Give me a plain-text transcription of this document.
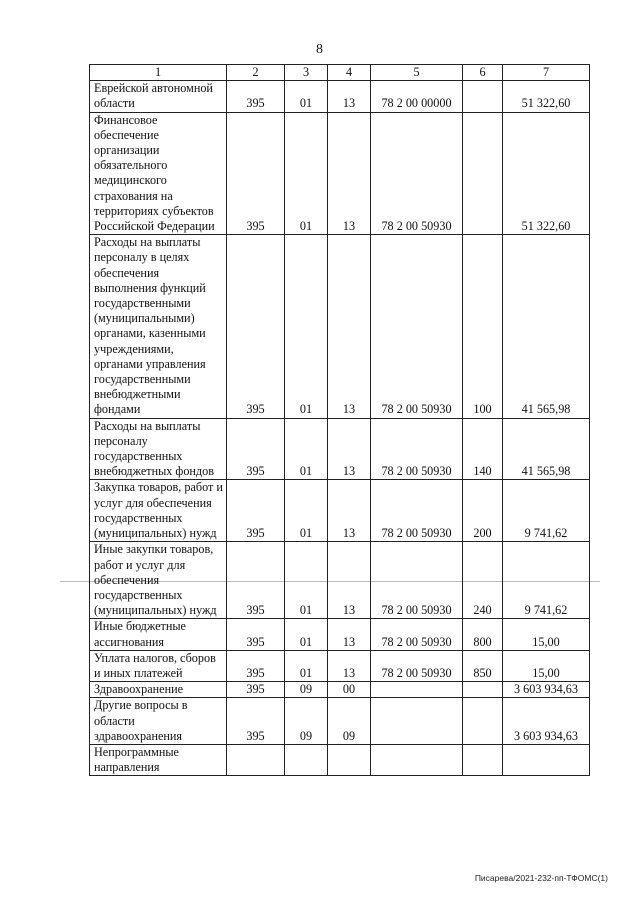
8
1	2	3	4	5	6	7
Еврейской автономной области	395	01	13	78 2 00 00000		51 322,60
Финансовое обеспечение организации обязательного медицинского страхования на территориях субъектов Российской Федерации	395	01	13	78 2 00 50930		51 322,60
Расходы на выплаты персоналу в целях обеспечения выполнения функций государственными (муниципальными) органами, казенными учреждениями, органами управления государственными внебюджетными фондами	395	01	13	78 2 00 50930	100	41 565,98
Расходы на выплаты персоналу государственных внебюджетных фондов	395	01	13	78 2 00 50930	140	41 565,98
Закупка товаров, работ и услуг для обеспечения государственных (муниципальных) нужд	395	01	13	78 2 00 50930	200	9 741,62
Иные закупки товаров, работ и услуг для обеспечения государственных (муниципальных) нужд	395	01	13	78 2 00 50930	240	9 741,62
Иные бюджетные ассигнования	395	01	13	78 2 00 50930	800	15,00
Уплата налогов, сборов и иных платежей	395	01	13	78 2 00 50930	850	15,00
Здравоохранение	395	09	00			3 603 934,63
Другие вопросы в области здравоохранения	395	09	09			3 603 934,63
Непрограммные направления						
Писарева/2021-232-пп-ТФОМС(1)
